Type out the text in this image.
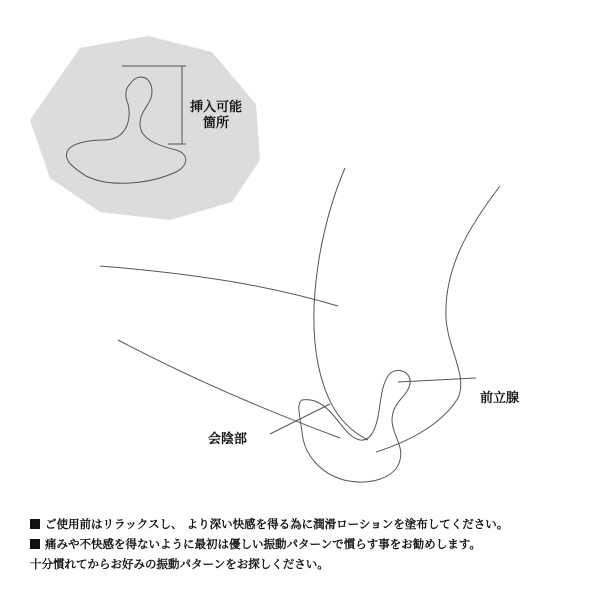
挿入可能
箇所
前立腺
会陰部
ご使用前はリラックスし、 より深い快感を得る為に潤滑ローションを塗布してください。
痛みや不快感を得ないように最初は優しい振動パターンで慣らす事をお勧めします。
十分慣れてからお好みの振動パターンをお探しください。
